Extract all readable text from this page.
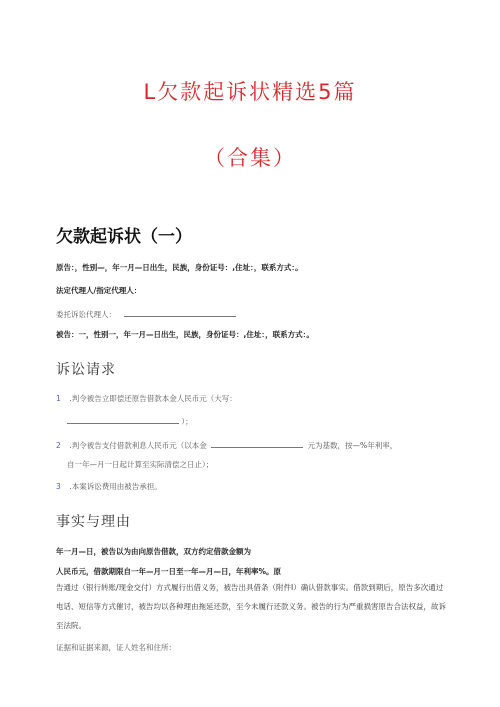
L欠款起诉状精选5篇
（合集）
欠款起诉状（一）
原告：，性别—，年一月—日出生，民族，身份证号：,住址：，联系方式：。
法定代理人/指定代理人：
委托诉讼代理人：
被告：一，性别一，年一月—日出生，民族，身份证号：,住址：，联系方式：。
诉讼请求
1 .判令被告立即偿还原告借款本金人民币元（大写：
）；
2 .判令被告支付借款利息人民币元（以本金	元为基数，按—%年利率，
自一年—月一日起计算至实际清偿之日止）；
3 .本案诉讼费用由被告承担。
事实与理由
年一月—日，被告以为由向原告借款，双方约定借款金额为
人民币元，借款期限自一年—月一日至一年—月—日，年利率%。原
告通过（银行转账/现金交付）方式履行出借义务，被告出具借条（附件I）确认借款事实。借款到期后，原告多次通过电话、短信等方式催讨，被告均以各种理由拖延还款，至今未履行还款义务。被告的行为严重损害原告合法权益，故诉至法院。
证据和证据来源，证人姓名和住所：
